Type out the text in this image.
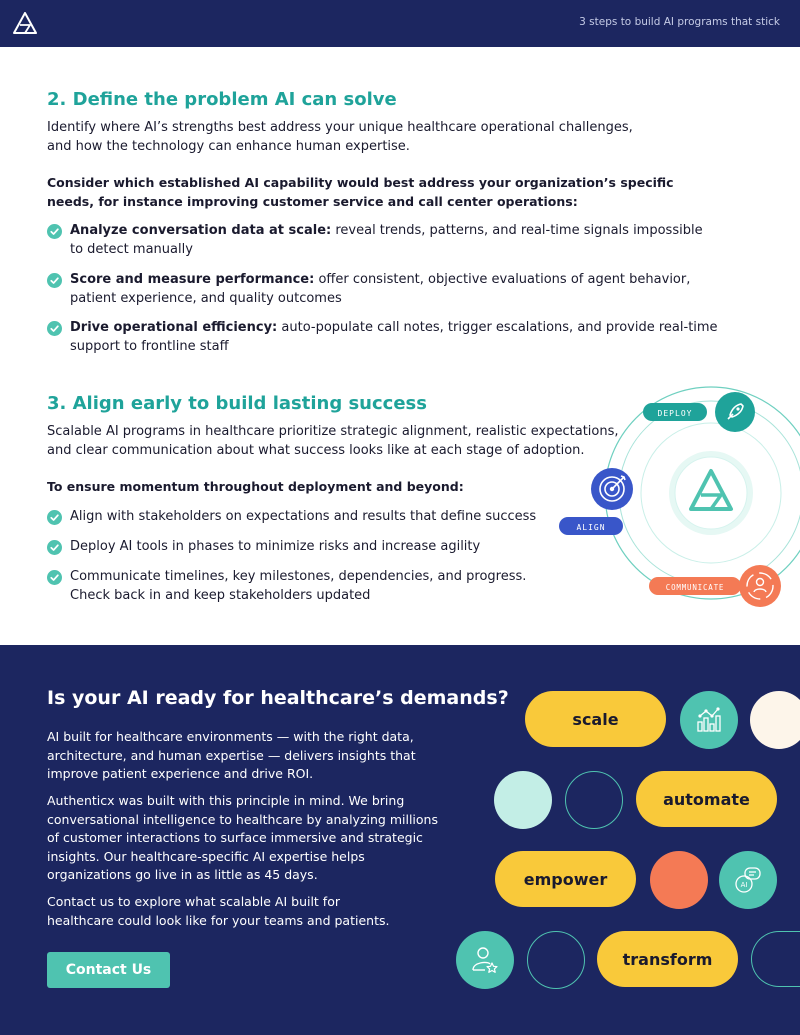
3 steps to build AI programs that stick
2. Define the problem AI can solve
Identify where AI’s strengths best address your unique healthcare operational challenges,
and how the technology can enhance human expertise.
Consider which established AI capability would best address your organization’s specific
needs, for instance improving customer service and call center operations:
Analyze conversation data at scale: reveal trends, patterns, and real-time signals impossible
to detect manually
Score and measure performance: offer consistent, objective evaluations of agent behavior,
patient experience, and quality outcomes
Drive operational efficiency: auto-populate call notes, trigger escalations, and provide real-time
support to frontline staff
3. Align early to build lasting success
Scalable AI programs in healthcare prioritize strategic alignment, realistic expectations,
and clear communication about what success looks like at each stage of adoption.
To ensure momentum throughout deployment and beyond:
Align with stakeholders on expectations and results that define success
Deploy AI tools in phases to minimize risks and increase agility
Communicate timelines, key milestones, dependencies, and progress.
Check back in and keep stakeholders updated
DEPLOY
ALIGN
COMMUNICATE
Is your AI ready for healthcare’s demands?
AI built for healthcare environments — with the right data,
architecture, and human expertise — delivers insights that
improve patient experience and drive ROI.
Authenticx was built with this principle in mind. We bring
conversational intelligence to healthcare by analyzing millions
of customer interactions to surface immersive and strategic
insights. Our healthcare-specific AI expertise helps
organizations go live in as little as 45 days.
Contact us to explore what scalable AI built for
healthcare could look like for your teams and patients.
Contact Us
scale
automate
empower	AI
transform
